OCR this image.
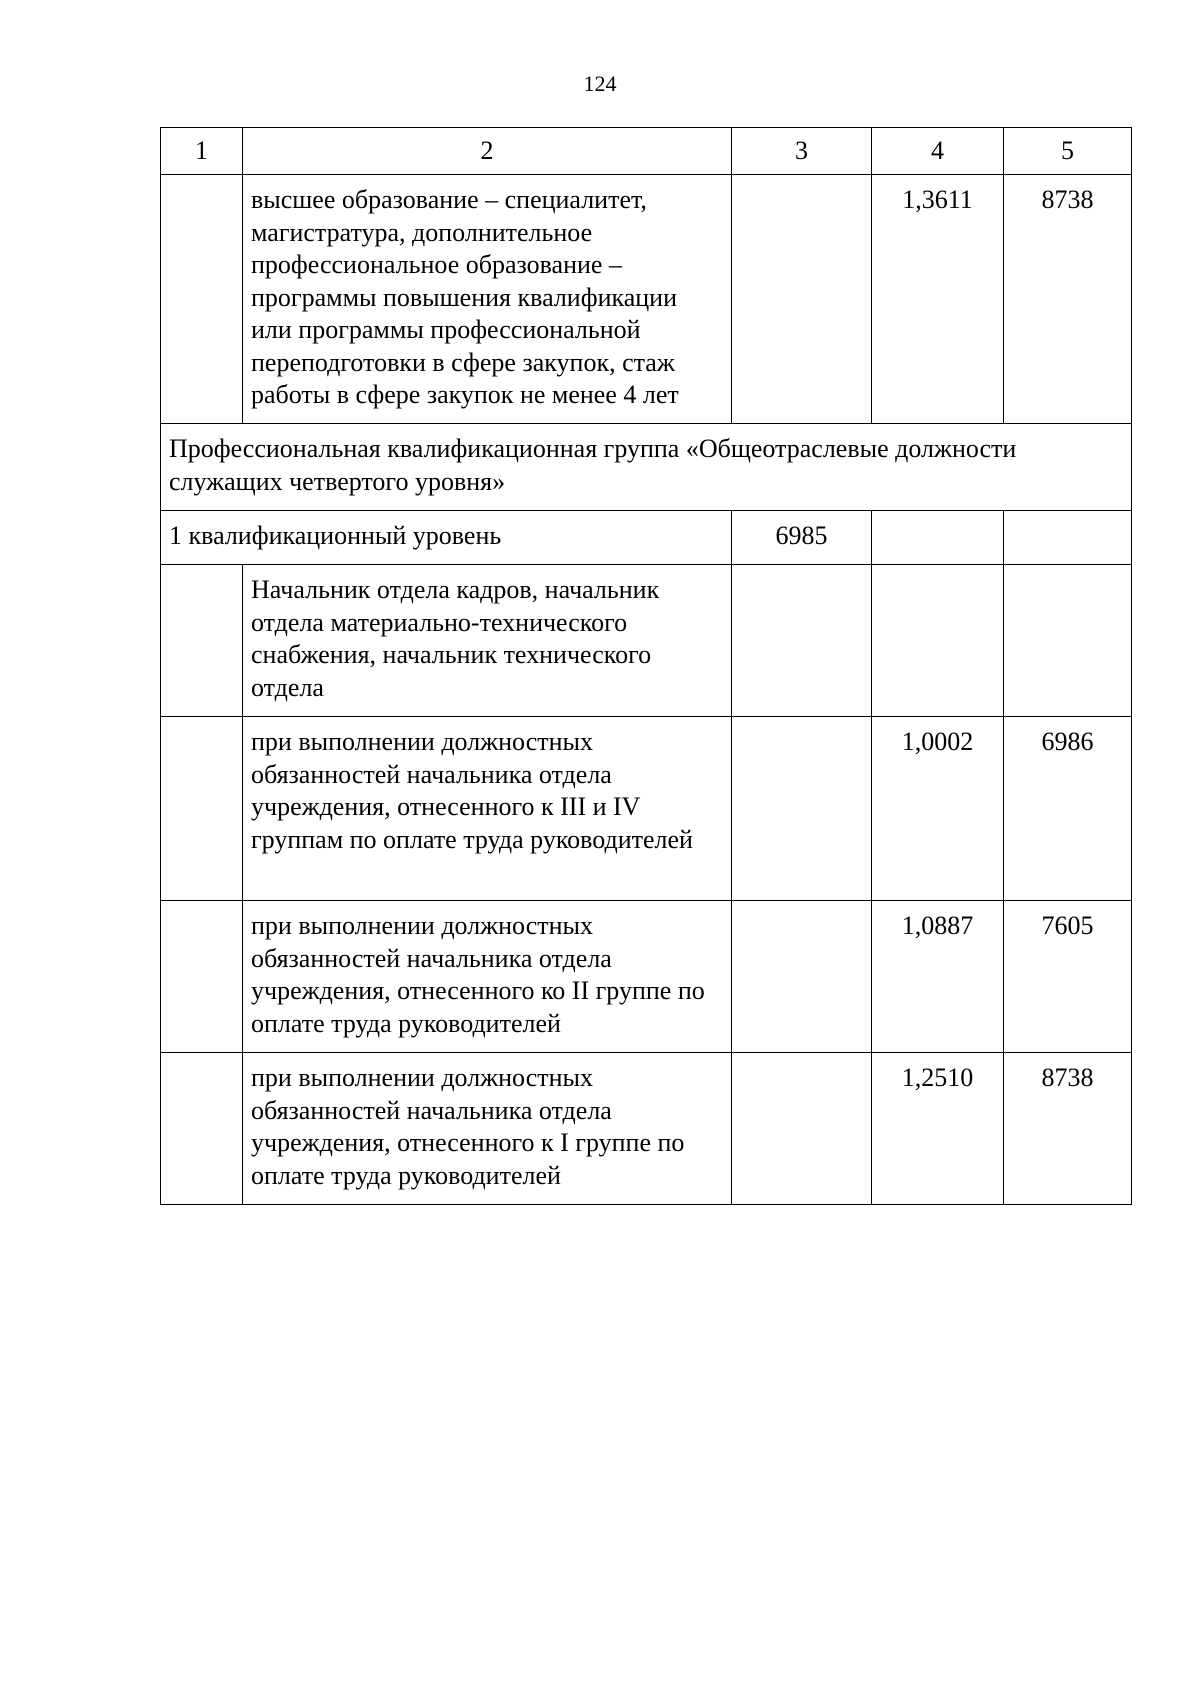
124
1	2	3	4	5
	высшее образование – специалитет, магистратура, дополнительное профессиональное образование – программы повышения квалификации или программы профессиональной переподготовки в сфере закупок, стаж работы в сфере закупок не менее 4 лет		1,3611	8738
Профессиональная квалификационная группа «Общеотраслевые должности служащих четвертого уровня»				
1 квалификационный уровень		6985		
	Начальник отдела кадров, начальник отдела материально-технического снабжения, начальник технического отдела			
	при выполнении должностных обязанностей начальника отдела учреждения, отнесенного к III и IV группам по оплате труда руководителей		1,0002	6986
	при выполнении должностных обязанностей начальника отдела учреждения, отнесенного ко II группе по оплате труда руководителей		1,0887	7605
	при выполнении должностных обязанностей начальника отдела учреждения, отнесенного к I группе по оплате труда руководителей		1,2510	8738
